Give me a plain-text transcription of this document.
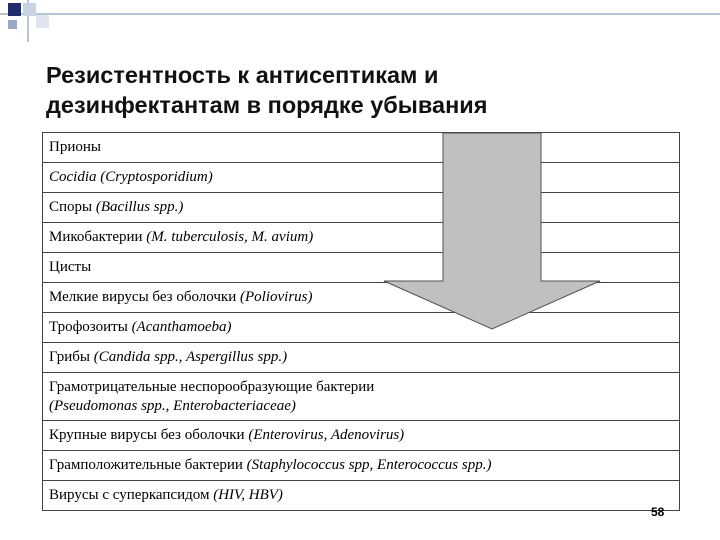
Резистентность к антисептикам и
дезинфектантам в порядке убывания
Прионы
Cocidia (Cryptosporidium)
Споры (Bacillus spp.)
Микобактерии (M. tuberculosis, M. avium)
Цисты
Мелкие вирусы без оболочки (Poliovirus)
Трофозоиты (Acanthamoeba)
Грибы (Candida spp., Aspergillus spp.)
Грамотрицательные неспорообразующие бактерии
(Pseudomonas spp., Enterobacteriaceae)
Крупные вирусы без оболочки (Enterovirus, Adenovirus)
Грамположительные бактерии (Staphylococcus spp, Enterococcus spp.)
Вирусы с суперкапсидом (HIV, HBV)
58
